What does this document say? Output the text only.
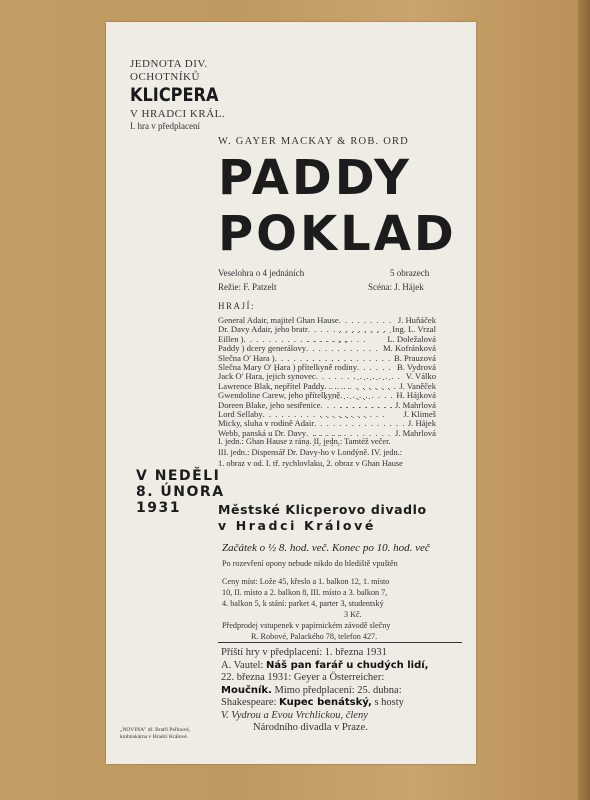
JEDNOTA DIV.
OCHOTNÍKŮ
KLICPERA
V HRADCI KRÁL.
I. hra v předplacení
W. GAYER MACKAY & ROB. ORD
PADDY
POKLAD
Veselohra o 4 jednáních	5 obrazech
Režie: F. Patzelt	Scéna: J. Hájek
HRAJÍ:
General Adair, majitel Ghan Hause . . .	J. Huňáček
Dr. Davy Adair, jeho bratr . . .	Ing. L. Vrzal
Eillen ) . . .	L. Doležalová
Paddy ) dcery generálovy . . .	M. Kofránková
Slečna O' Hara ) . . .	B. Prauzová
Slečna Mary O' Hara ) přítelkyně rodiny . . .	B. Vydrová
Jack O' Hara, jejich synovec . . .	V. Válko
Lawrence Blak, nepřítel Paddy . . .	J. Vaněček
Gwendoline Carew, jeho přítelkyně . . .	H. Hájková
Doreen Blake, jeho sestřenice . . .	J. Mahrlová
Lord Sellaby . . .	J. Klimeš
Micky, sluha v rodině Adair . . .	J. Hájek
Webb, panská u Dr. Davy . . .	J. Mahrlová
I. jedn.: Ghan Hause z rána. II. jedn.: Tamtéž večer.
III. jedn.: Dispensář Dr. Davy-ho v Londýně. IV. jedn.:
1. obraz v od. I. tř. rychlovlaku, 2. obraz v Ghan Hause
V NEDĚLI
8. ÚNORA
1931	Městské Klicperovo divadlo
v Hradci Králové
Začátek o ½ 8. hod. več. Konec po 10. hod. več
Po rozevření opony nebude nikdo do hlediště vpuštěn
Ceny míst: Lože 45, křeslo a 1. balkon 12, 1. místo
10, II. místo a 2. balkon 8, III. místo a 3. balkon 7,
4. balkon 5, k stání: parket 4, parter 3, studentský
3 Kč.
Předprodej vstupenek v papírnickém závodě slečny
R. Robové, Palackého 78, telefon 427.
Příští hry v předplacení: 1. března 1931
A. Vautel: Náš pan farář u chudých lidí,
22. března 1931: Geyer a Österreicher:
Moučník. Mimo předplacení: 25. dubna:
Shakespeare: Kupec benátský, s hosty
V. Vydrou a Evou Vrchlickou, členy
Národního divadla v Praze.
„NOVINA" dř. Bratři Peřinové,
knihtiskárna v Hradci Králové.
